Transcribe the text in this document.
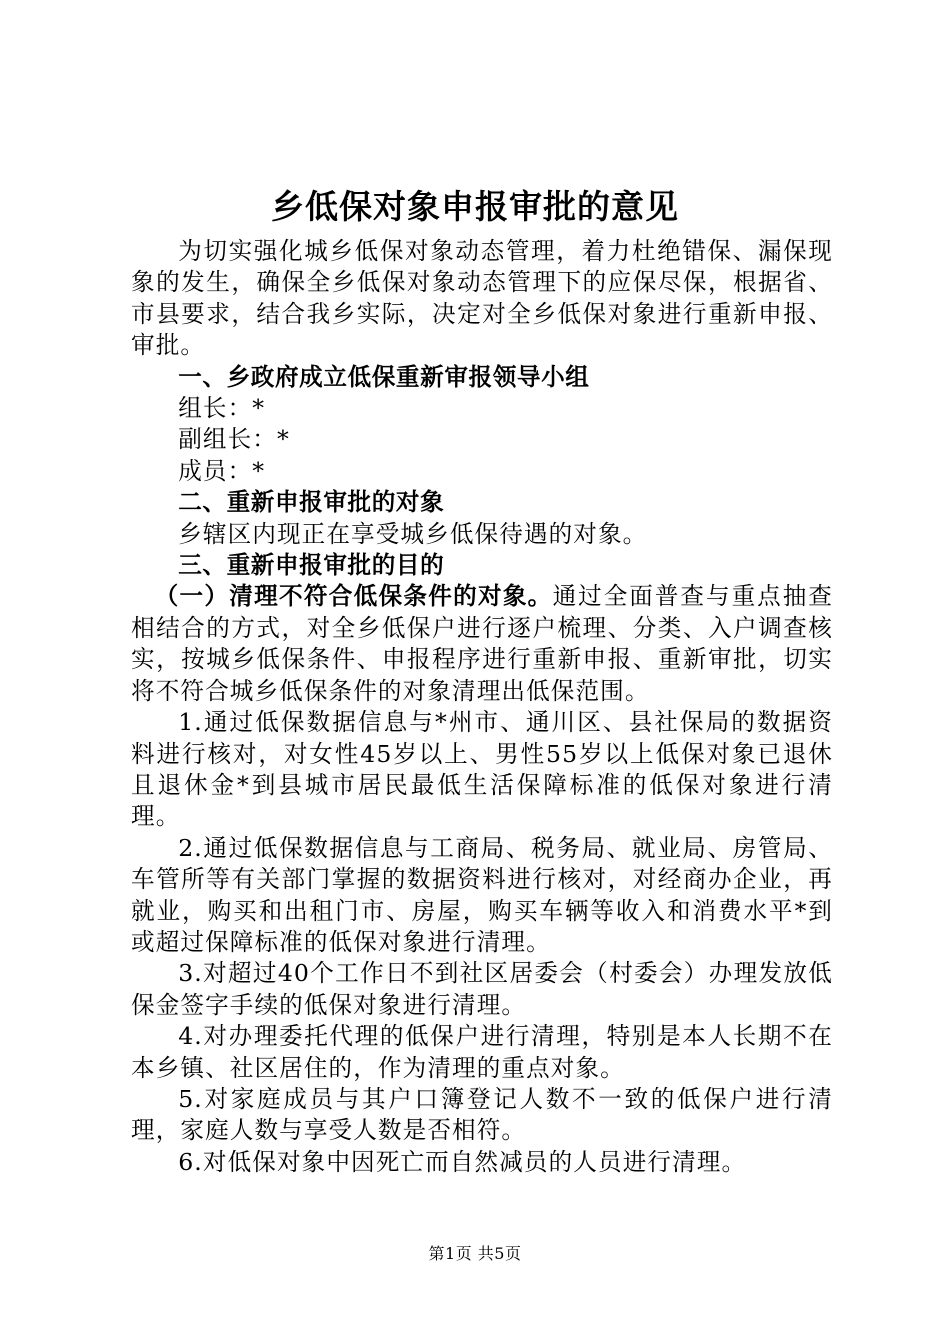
乡低保对象申报审批的意见

为切实强化城乡低保对象动态管理，着力杜绝错保、漏保现象的发生，确保全乡低保对象动态管理下的应保尽保，根据省、市县要求，结合我乡实际，决定对全乡低保对象进行重新申报、审批。

一、乡政府成立低保重新审报领导小组

组长：*

副组长：*

成员：*

二、重新申报审批的对象

乡辖区内现正在享受城乡低保待遇的对象。

三、重新申报审批的目的

（一）清理不符合低保条件的对象。通过全面普查与重点抽查相结合的方式，对全乡低保户进行逐户梳理、分类、入户调查核实，按城乡低保条件、申报程序进行重新申报、重新审批，切实将不符合城乡低保条件的对象清理出低保范围。

1.通过低保数据信息与*州市、通川区、县社保局的数据资料进行核对，对女性45岁以上、男性55岁以上低保对象已退休且退休金*到县城市居民最低生活保障标准的低保对象进行清理。

2.通过低保数据信息与工商局、税务局、就业局、房管局、车管所等有关部门掌握的数据资料进行核对，对经商办企业，再就业，购买和出租门市、房屋，购买车辆等收入和消费水平*到或超过保障标准的低保对象进行清理。

3.对超过40个工作日不到社区居委会（村委会）办理发放低保金签字手续的低保对象进行清理。

4.对办理委托代理的低保户进行清理，特别是本人长期不在本乡镇、社区居住的，作为清理的重点对象。

5.对家庭成员与其户口簿登记人数不一致的低保户进行清理，家庭人数与享受人数是否相符。

6.对低保对象中因死亡而自然减员的人员进行清理。

第1页 共5页
